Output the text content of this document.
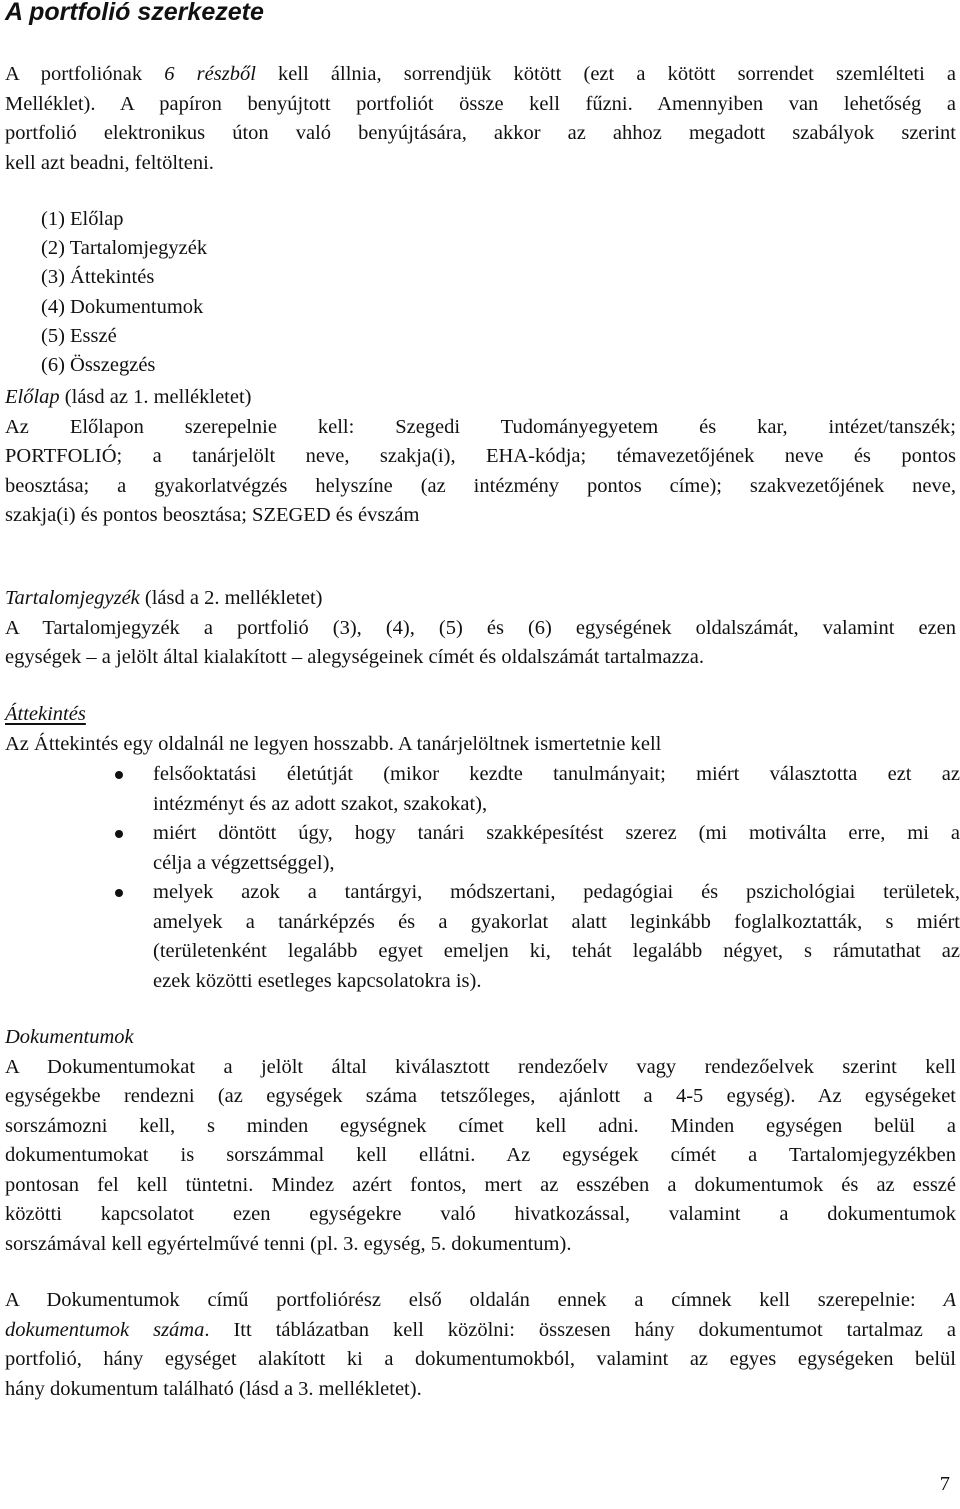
A portfolió szerkezete
A portfoliónak 6 részből kell állnia, sorrendjük kötött (ezt a kötött sorrendet szemlélteti a
Melléklet). A papíron benyújtott portfoliót össze kell fűzni. Amennyiben van lehetőség a
portfolió elektronikus úton való benyújtására, akkor az ahhoz megadott szabályok szerint
kell azt beadni, feltölteni.
(1) Előlap
(2) Tartalomjegyzék
(3) Áttekintés
(4) Dokumentumok
(5) Esszé
(6) Összegzés
Előlap (lásd az 1. mellékletet)
Az Előlapon szerepelnie kell: Szegedi Tudományegyetem és kar, intézet/tanszék;
PORTFOLIÓ; a tanárjelölt neve, szakja(i), EHA-kódja; témavezetőjének neve és pontos
beosztása; a gyakorlatvégzés helyszíne (az intézmény pontos címe); szakvezetőjének neve,
szakja(i) és pontos beosztása; SZEGED és évszám
Tartalomjegyzék (lásd a 2. mellékletet)
A Tartalomjegyzék a portfolió (3), (4), (5) és (6) egységének oldalszámát, valamint ezen
egységek – a jelölt által kialakított – alegységeinek címét és oldalszámát tartalmazza.
Áttekintés
Az Áttekintés egy oldalnál ne legyen hosszabb. A tanárjelöltnek ismertetnie kell
felsőoktatási életútját (mikor kezdte tanulmányait; miért választotta ezt az
intézményt és az adott szakot, szakokat),
miért döntött úgy, hogy tanári szakképesítést szerez (mi motiválta erre, mi a
célja a végzettséggel),
melyek azok a tantárgyi, módszertani, pedagógiai és pszichológiai területek,
amelyek a tanárképzés és a gyakorlat alatt leginkább foglalkoztatták, s miért
(területenként legalább egyet emeljen ki, tehát legalább négyet, s rámutathat az
ezek közötti esetleges kapcsolatokra is).
Dokumentumok
A Dokumentumokat a jelölt által kiválasztott rendezőelv vagy rendezőelvek szerint kell
egységekbe rendezni (az egységek száma tetszőleges, ajánlott a 4-5 egység). Az egységeket
sorszámozni kell, s minden egységnek címet kell adni. Minden egységen belül a
dokumentumokat is sorszámmal kell ellátni. Az egységek címét a Tartalomjegyzékben
pontosan fel kell tüntetni. Mindez azért fontos, mert az esszében a dokumentumok és az esszé
közötti kapcsolatot ezen egységekre való hivatkozással, valamint a dokumentumok
sorszámával kell egyértelművé tenni (pl. 3. egység, 5. dokumentum).
A Dokumentumok című portfoliórész első oldalán ennek a címnek kell szerepelnie: A
dokumentumok száma. Itt táblázatban kell közölni: összesen hány dokumentumot tartalmaz a
portfolió, hány egységet alakított ki a dokumentumokból, valamint az egyes egységeken belül
hány dokumentum található (lásd a 3. mellékletet).
7
